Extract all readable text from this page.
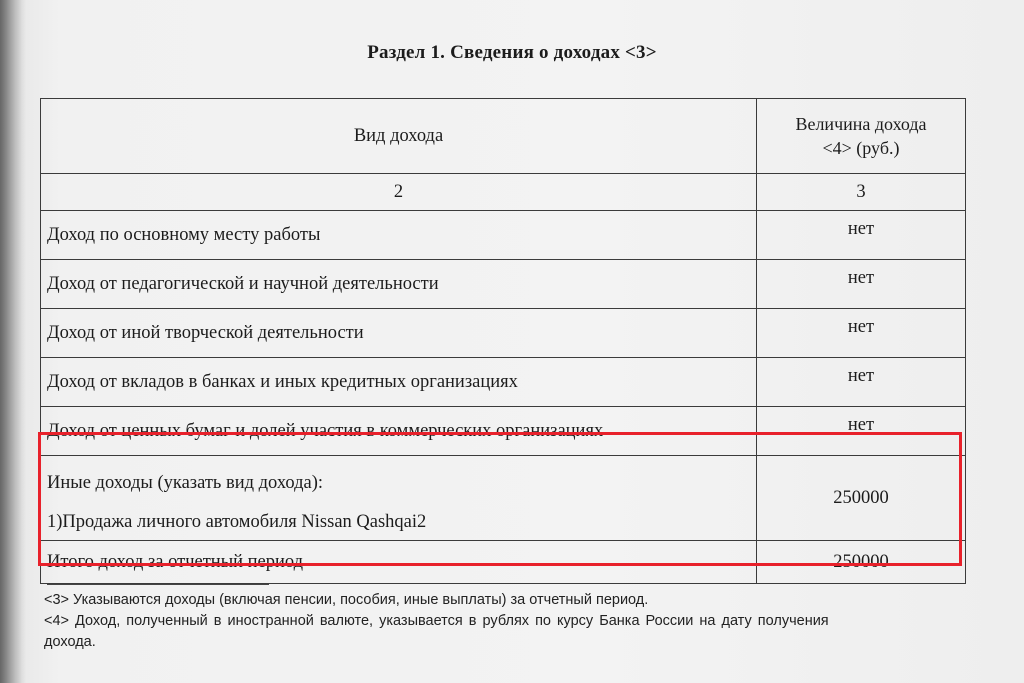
Раздел 1. Сведения о доходах <3>
Вид дохода	Величина дохода
<4> (руб.)
2	3
Доход по основному месту работы	нет
Доход от педагогической и научной деятельности	нет
Доход от иной творческой деятельности	нет
Доход от вкладов в банках и иных кредитных организациях	нет
Доход от ценных бумаг и долей участия в коммерческих организациях	нет

Иные доходы (указать вид дохода):
1)Продажа личного автомобиля Nissan Qashqai2	250000
Итого доход за отчетный период	250000

<3> Указываются доходы (включая пенсии, пособия, иные выплаты) за отчетный период.

<4> Доход, полученный в иностранной валюте, указывается в рублях по курсу Банка России на дату получения

дохода.
